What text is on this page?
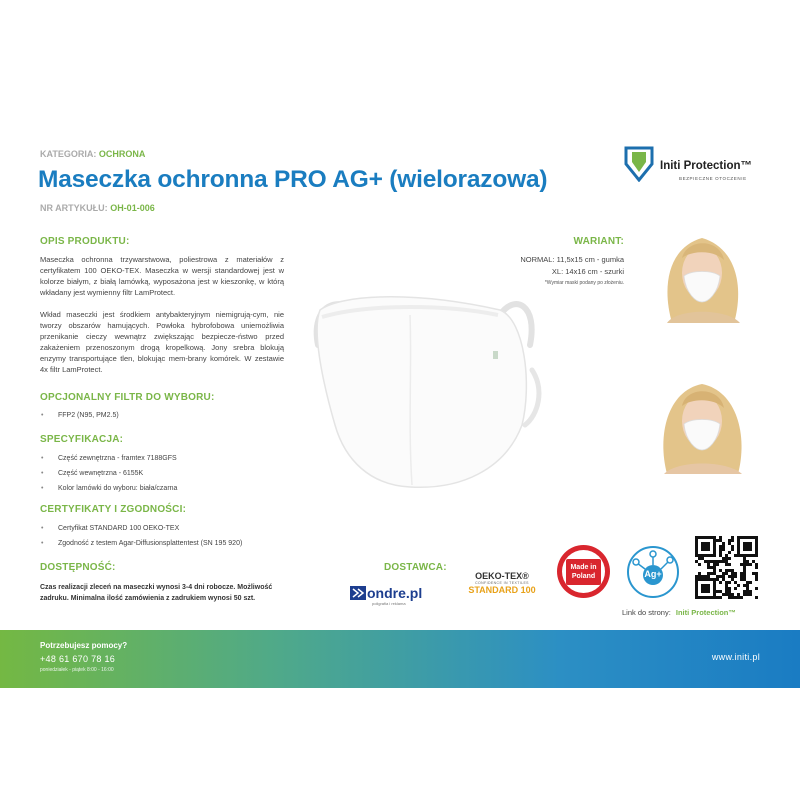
KATEGORIA: OCHRONA
Maseczka ochronna PRO AG+ (wielorazowa)
NR ARTYKUŁU: OH-01-006
Initi Protection™
BEZPIECZNE OTOCZENIE
OPIS PRODUKTU:
Maseczka ochronna trzywarstwowa, poliestrowa z materiałów z certyfikatem 100 OEKO-TEX. Maseczka w wersji standardowej jest w kolorze białym, z białą lamówką, wyposażona jest w kieszonkę, w którą wkładany jest wymienny filtr LamProtect.
Wkład maseczki jest środkiem antybakteryjnym niemigrują-cym, nie tworzy obszarów hamujących. Powłoka hybrofobowa uniemożliwia przenikanie cieczy wewnątrz zwiększając bezpiecze-ństwo przed zakażeniem przenoszonym drogą kropelkową. Jony srebra blokują enzymy transportujące tlen, blokując mem-brany komórek. W zestawie 4x filtr LamProtect.
OPCJONALNY FILTR DO WYBORU:
• FFP2 (N95, PM2.5)
SPECYFIKACJA:
• Część zewnętrzna - framtex 7188GFS
• Część wewnętrzna - 6155K
• Kolor lamówki do wyboru: biała/czarna
CERTYFIKATY I ZGODNOŚCI:
• Certyfikat STANDARD 100 OEKO-TEX
• Zgodność z testem Agar-Diffusionsplattentest (SN 195 920)
DOSTĘPNOŚĆ:
Czas realizacji zleceń na maseczki wynosi 3-4 dni robocze. Możliwość zadruku. Minimalna ilość zamówienia z zadrukiem wynosi 50 szt.
WARIANT:
NORMAL: 11,5x15 cm - gumka
XL: 14x16 cm - szurki
*Wymiar maski podany po złożeniu.
DOSTAWCA:
ondre.pl
poligrafia i reklama
OEKO-TEX®
CONFIDENCE IN TEXTILES
STANDARD 100
Made in
Poland	Ag+
Link do strony: Initi Protection™
Potrzebujesz pomocy?
+48 61 670 78 16
poniedziałek - piątek 8:00 - 16:00
www.initi.pl
